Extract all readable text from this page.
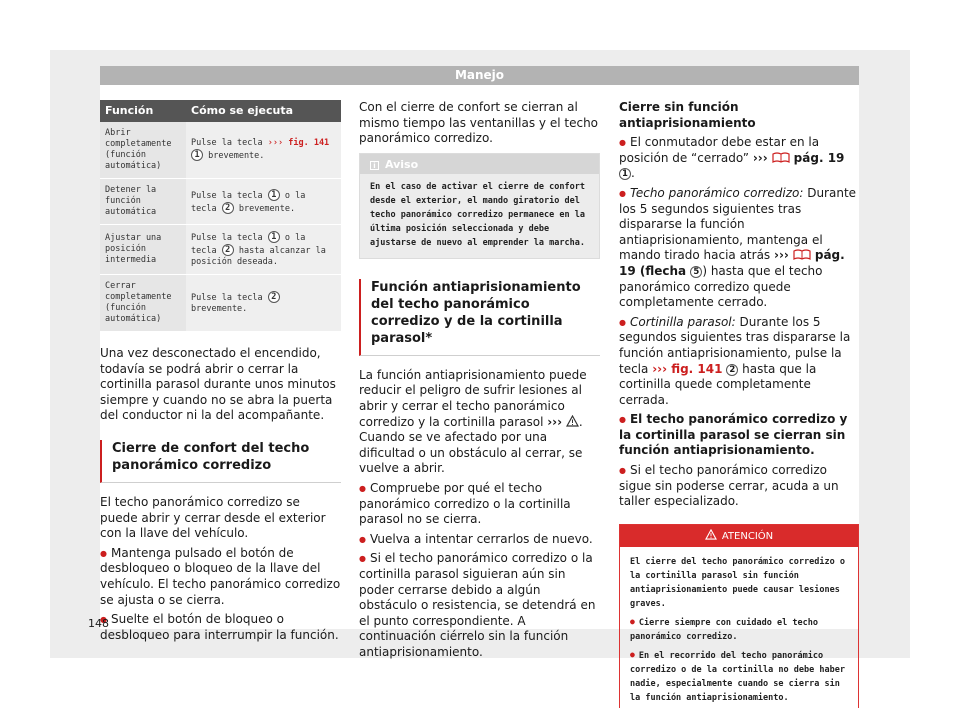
Manejo
Función	Cómo se ejecuta
Abrir completamente (función automática)	Pulse la tecla ››› fig. 141 1 brevemente.
Detener la función automática	Pulse la tecla 1 o la tecla 2 brevemente.
Ajustar una posición intermedia	Pulse la tecla 1 o la tecla 2 hasta alcanzar la posición deseada.
Cerrar completamente (función automática)	Pulse la tecla 2 brevemente.

Una vez desconectado el encendido, todavía se podrá abrir o cerrar la cortinilla parasol durante unos minutos siempre y cuando no se abra la puerta del conductor ni la del acompañante.

Cierre de confort del techo panorámico corredizo

El techo panorámico corredizo se puede abrir y cerrar desde el exterior con la llave del vehículo.

● Mantenga pulsado el botón de desbloqueo o bloqueo de la llave del vehículo. El techo panorámico corredizo se ajusta o se cierra.

● Suelte el botón de bloqueo o desbloqueo para interrumpir la función.

Con el cierre de confort se cierran al mismo tiempo las ventanillas y el techo panorámico corredizo.

i Aviso
En el caso de activar el cierre de confort desde el exterior, el mando giratorio del techo panorámico corredizo permanece en la última posición seleccionada y debe ajustarse de nuevo al emprender la marcha.
Función antiaprisionamiento del techo panorámico corredizo y de la cortinilla parasol*

La función antiaprisionamiento puede reducir el peligro de sufrir lesiones al abrir y cerrar el techo panorámico corredizo y la cortinilla parasol ››› . Cuando se ve afectado por una dificultad o un obstáculo al cerrar, se vuelve a abrir.

● Compruebe por qué el techo panorámico corredizo o la cortinilla parasol no se cierra.

● Vuelva a intentar cerrarlos de nuevo.

● Si el techo panorámico corredizo o la cortinilla parasol siguieran aún sin poder cerrarse debido a algún obstáculo o resistencia, se detendrá en el punto correspondiente. A continuación ciérrelo sin la función antiaprisionamiento.

Cierre sin función antiaprisionamiento

● El conmutador debe estar en la posición de “cerrado” ›››  pág. 19 1 .

● Techo panorámico corredizo: Durante los 5 segundos siguientes tras dispararse la función antiaprisionamiento, mantenga el mando tirado hacia atrás ›››  pág. 19 (flecha 5 ) hasta que el techo panorámico corredizo quede completamente cerrado.

● Cortinilla parasol: Durante los 5 segundos siguientes tras dispararse la función antiaprisionamiento, pulse la tecla ››› fig. 141 2 hasta que la cortinilla quede completamente cerrada.

● El techo panorámico corredizo y la cortinilla parasol se cierran sin función antiaprisionamiento.

● Si el techo panorámico corredizo sigue sin poderse cerrar, acuda a un taller especializado.

ATENCIÓN

El cierre del techo panorámico corredizo o la cortinilla parasol sin función antiaprisionamiento puede causar lesiones graves.

● Cierre siempre con cuidado el techo panorámico corredizo.

● En el recorrido del techo panorámico corredizo o de la cortinilla no debe haber nadie, especialmente cuando se cierra sin la función antiaprisionamiento.

148
